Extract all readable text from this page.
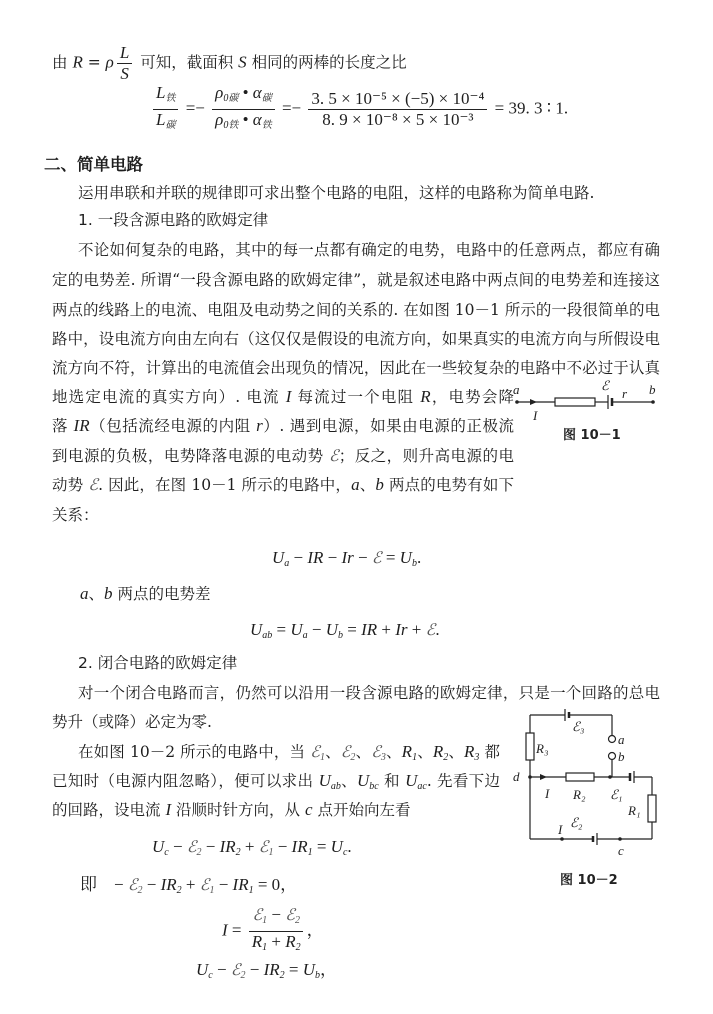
由 R = ρ $\frac{L}{S}$ 可知，截面积 S 相同的两棒的长度之比
$\frac{L_铁}{L_碳} =- \frac{\rho_{0碳} • \alpha_碳}{\rho_{0铁} • \alpha_铁} =- \frac{\text{3. 5 × 10⁻⁵ × (−5) × 10⁻⁴}}{\text{8. 9 × 10⁻⁸ × 5 × 10⁻³}} = 39$. 3 ∶ 1.
二、简单电路
运用串联和并联的规律即可求出整个电路的电阻，这样的电路称为简单电路.
1. 一段含源电路的欧姆定律
不论如何复杂的电路，其中的每一点都有确定的电势，电路中的任意两点，都应有确
定的电势差. 所谓“一段含源电路的欧姆定律”，就是叙述电路中两点间的电势差和连接这
两点的线路上的电流、电阻及电动势之间的关系的. 在如图 10－1 所示的一段很简单的电
路中，设电流方向由左向右（这仅仅是假设的电流方向，如果真实的电流方向与所假设电
流方向不符，计算出的电流值会出现负的情况，因此在一些较复杂的电路中不必过于认真
地选定电流的真实方向）. 电流 I 每流过一个电阻 R，电势会降
落 IR（包括流经电源的内阻 r）. 遇到电源，如果由电源的正极流
到电源的负极，电势降落电源的电动势 ℰ；反之，则升高电源的电
动势 ℰ. 因此，在图 10－1 所示的电路中，a、b 两点的电势有如下
关系：
$U_a$ − IR − Ir − ℰ = $U_b$.
a、b 两点的电势差
$U_{ab} = U_a - U_b$ = IR + Ir + ℰ.
2. 闭合电路的欧姆定律
对一个闭合电路而言，仍然可以沿用一段含源电路的欧姆定律，只是一个回路的总电
势升（或降）必定为零.
在如图 10－2 所示的电路中，当 ℰ$_1$、ℰ$_2$、ℰ$_3$、$R_1$、$R_2$、$R_3$ 都
已知时（电源内阻忽略），便可以求出 $U_{ab}$、$U_{bc}$ 和 $U_{ac}$. 先看下边
的回路，设电流 I 沿顺时针方向，从 c 点开始向左看
$U_c$ − ℰ$_2$ − $IR_2$ + ℰ$_1$ − $IR_1 = U_c$.
即　− ℰ$_2$ − $IR_2$ + ℰ$_1$ − $IR_1 = 0$，
$I = \frac{ℰ_1 - ℰ_2}{R_1 + R_2}$ ，
$U_c$ − ℰ$_2$ − $IR_2 = U_b$，
a	b
I
ℰ
r
图 10－1
ℰ₃
a
b
R₃
d
I R₂ ℰ₁
R₁
ℰ₂
I
c
图 10－2
